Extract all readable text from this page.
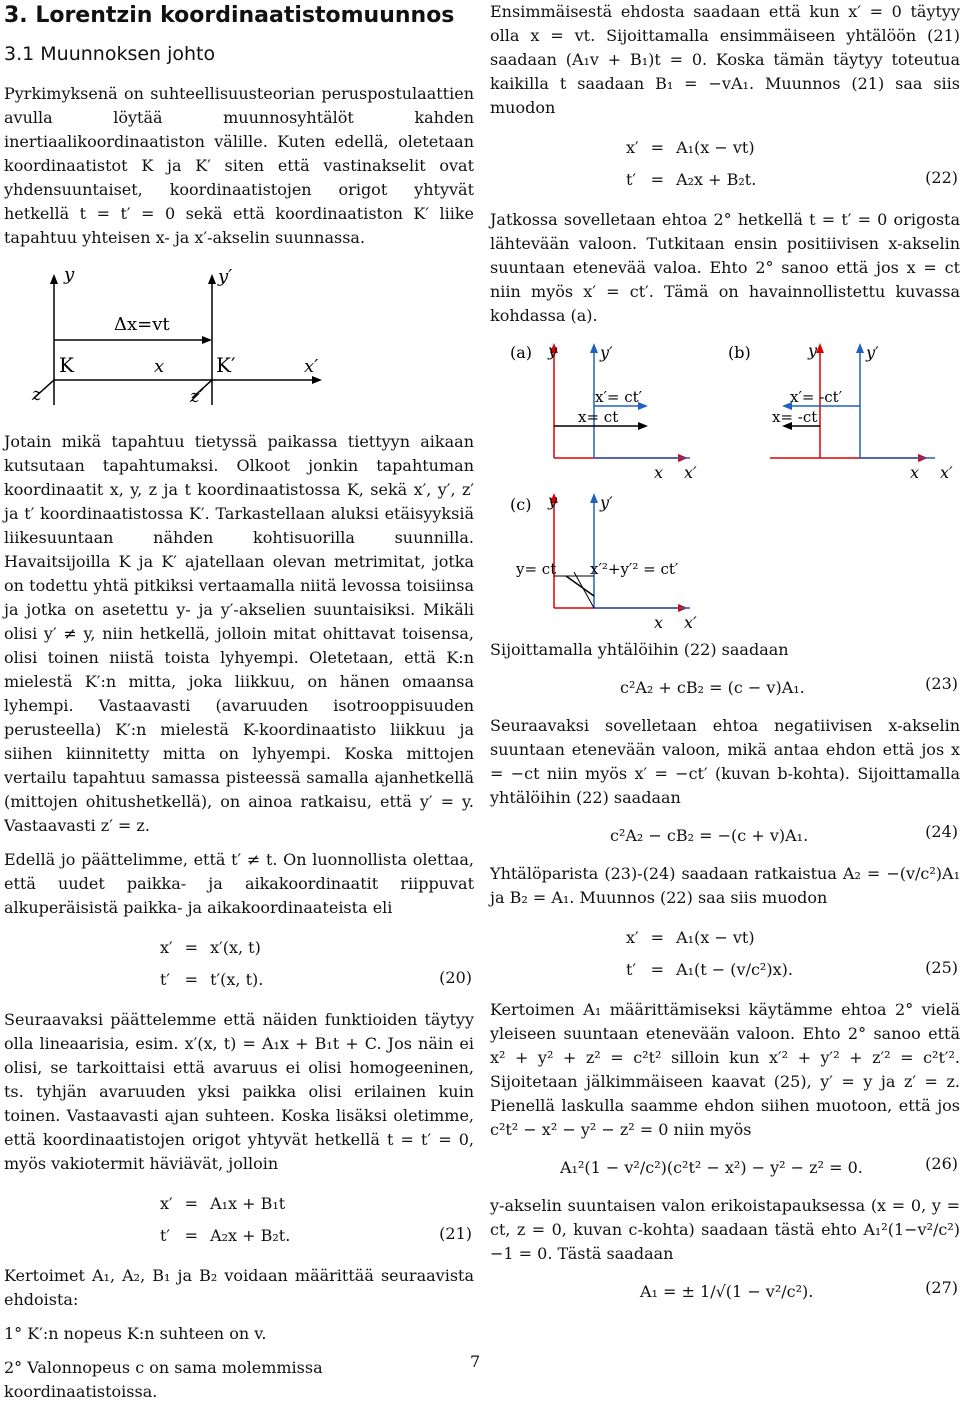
3. Lorentzin koordinaatistomuunnos
3.1 Muunnoksen johto

Pyrkimyksenä on suhteellisuusteorian peruspostulaattien avulla löytää muunnosyhtälöt kahden inertiaalikoordinaatiston välille. Kuten edellä, oletetaan koordinaatistot K ja K′ siten että vastinakselit ovat yhdensuuntaiset, koordinaatistojen origot yhtyvät hetkellä t = t′ = 0 sekä että koordinaatiston K′ liike tapahtuu yhteisen x- ja x′-akselin suunnassa.

y	y′
Δx=vt
K	x	K′	x′
z	z′

Jotain mikä tapahtuu tietyssä paikassa tiettyyn aikaan kutsutaan tapahtumaksi. Olkoot jonkin tapahtuman koordinaatit x, y, z ja t koordinaatistossa K, sekä x′, y′, z′ ja t′ koordinaatistossa K′. Tarkastellaan aluksi etäisyyksiä liikesuuntaan nähden kohtisuorilla suunnilla. Havaitsijoilla K ja K′ ajatellaan olevan metrimitat, jotka on todettu yhtä pitkiksi vertaamalla niitä levossa toisiinsa ja jotka on asetettu y- ja y′-akselien suuntaisiksi. Mikäli olisi y′ ≠ y, niin hetkellä, jolloin mitat ohittavat toisensa, olisi toinen niistä toista lyhyempi. Oletetaan, että K:n mielestä K′:n mitta, joka liikkuu, on hänen omaansa lyhempi. Vastaavasti (avaruuden isotrooppisuuden perusteella) K′:n mielestä K-koordinaatisto liikkuu ja siihen kiinnitetty mitta on lyhyempi. Koska mittojen vertailu tapahtuu samassa pisteessä samalla ajanhetkellä (mittojen ohitushetkellä), on ainoa ratkaisu, että y′ = y. Vastaavasti z′ = z.

Edellä jo päättelimme, että t′ ≠ t. On luonnollista olettaa, että uudet paikka- ja aikakoordinaatit riippuvat alkuperäisistä paikka- ja aikakoordinaateista eli

x′	=	x′(x, t)
t′	=	t′(x, t).	(20)

Seuraavaksi päättelemme että näiden funktioiden täytyy olla lineaarisia, esim. x′(x, t) = A₁x + B₁t + C. Jos näin ei olisi, se tarkoittaisi että avaruus ei olisi homogeeninen, ts. tyhjän avaruuden yksi paikka olisi erilainen kuin toinen. Vastaavasti ajan suhteen. Koska lisäksi oletimme, että koordinaatistojen origot yhtyvät hetkellä t = t′ = 0, myös vakiotermit häviävät, jolloin

x′	=	A₁x + B₁t
t′	=	A₂x + B₂t.	(21)

Kertoimet A₁, A₂, B₁ ja B₂ voidaan määrittää seuraavista ehdoista:

1° K′:n nopeus K:n suhteen on v.
2° Valonnopeus c on sama molemmissa koordinaatistoissa.

Ensimmäisestä ehdosta saadaan että kun x′ = 0 täytyy olla x = vt. Sijoittamalla ensimmäiseen yhtälöön (21) saadaan (A₁v + B₁)t = 0. Koska tämän täytyy toteutua kaikilla t saadaan B₁ = −vA₁. Muunnos (21) saa siis muodon

x′	=	A₁(x − vt)
t′	=	A₂x + B₂t.	(22)

Jatkossa sovelletaan ehtoa 2° hetkellä t = t′ = 0 origosta lähtevään valoon. Tutkitaan ensin positiivisen x-akselin suuntaan etenevää valoa. Ehto 2° sanoo että jos x = ct niin myös x′ = ct′. Tämä on havainnollistettu kuvassa kohdassa (a).

(a) y	y′
x′= ct′
x= ct
x x′
(b)	y	y′
x′= -ct′
x= -ct
x x′
(c) y	y′
y= ct x′²+y′² = ct′
x x′

Sijoittamalla yhtälöihin (22) saadaan

c²A₂ + cB₂ = (c − v)A₁.	(23)

Seuraavaksi sovelletaan ehtoa negatiivisen x-akselin suuntaan etenevään valoon, mikä antaa ehdon että jos x = −ct niin myös x′ = −ct′ (kuvan b-kohta). Sijoittamalla yhtälöihin (22) saadaan

c²A₂ − cB₂ = −(c + v)A₁.	(24)

Yhtälöparista (23)-(24) saadaan ratkaistua A₂ = −(v/c²)A₁ ja B₂ = A₁. Muunnos (22) saa siis muodon

x′	=	A₁(x − vt)
t′	=	A₁(t − (v/c²)x).	(25)

Kertoimen A₁ määrittämiseksi käytämme ehtoa 2° vielä yleiseen suuntaan etenevään valoon. Ehto 2° sanoo että x² + y² + z² = c²t² silloin kun x′² + y′² + z′² = c²t′². Sijoitetaan jälkimmäiseen kaavat (25), y′ = y ja z′ = z. Pienellä laskulla saamme ehdon siihen muotoon, että jos c²t² − x² − y² − z² = 0 niin myös

A₁²(1 − v²/c²)(c²t² − x²) − y² − z² = 0.	(26)

y-akselin suuntaisen valon erikoistapauksessa (x = 0, y = ct, z = 0, kuvan c-kohta) saadaan tästä ehto A₁²(1−v²/c²)−1 = 0. Tästä saadaan

A₁ = ± 1/√(1 − v²/c²).	(27)
7
